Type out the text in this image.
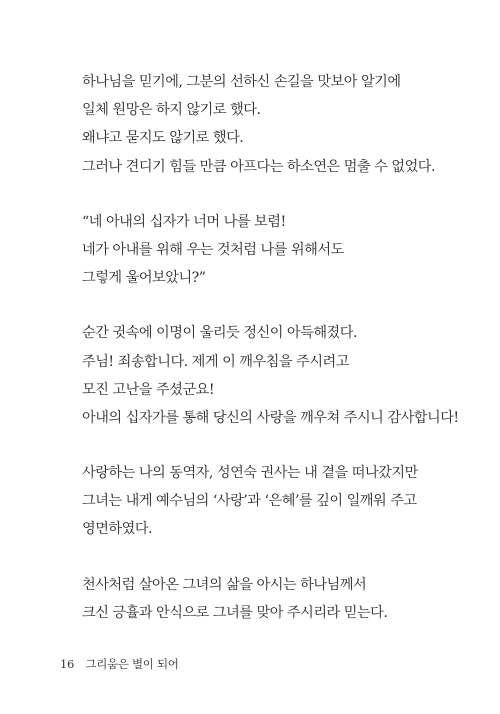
하나님을 믿기에, 그분의 선하신 손길을 맛보아 알기에
일체 원망은 하지 않기로 했다.
왜냐고 묻지도 않기로 했다.
그러나 견디기 힘들 만큼 아프다는 하소연은 멈출 수 없었다.
“네 아내의 십자가 너머 나를 보렴!
네가 아내를 위해 우는 것처럼 나를 위해서도
그렇게 울어보았니?”
순간 귓속에 이명이 울리듯 정신이 아득해졌다.
주님! 죄송합니다. 제게 이 깨우침을 주시려고
모진 고난을 주셨군요!
아내의 십자가를 통해 당신의 사랑을 깨우쳐 주시니 감사합니다!
사랑하는 나의 동역자, 성연숙 권사는 내 곁을 떠나갔지만
그녀는 내게 예수님의 ‘사랑’과 ‘은혜’를 깊이 일깨워 주고
영면하였다.
천사처럼 살아온 그녀의 삶을 아시는 하나님께서
크신 긍휼과 안식으로 그녀를 맞아 주시리라 믿는다.
16 그리움은 별이 되어
